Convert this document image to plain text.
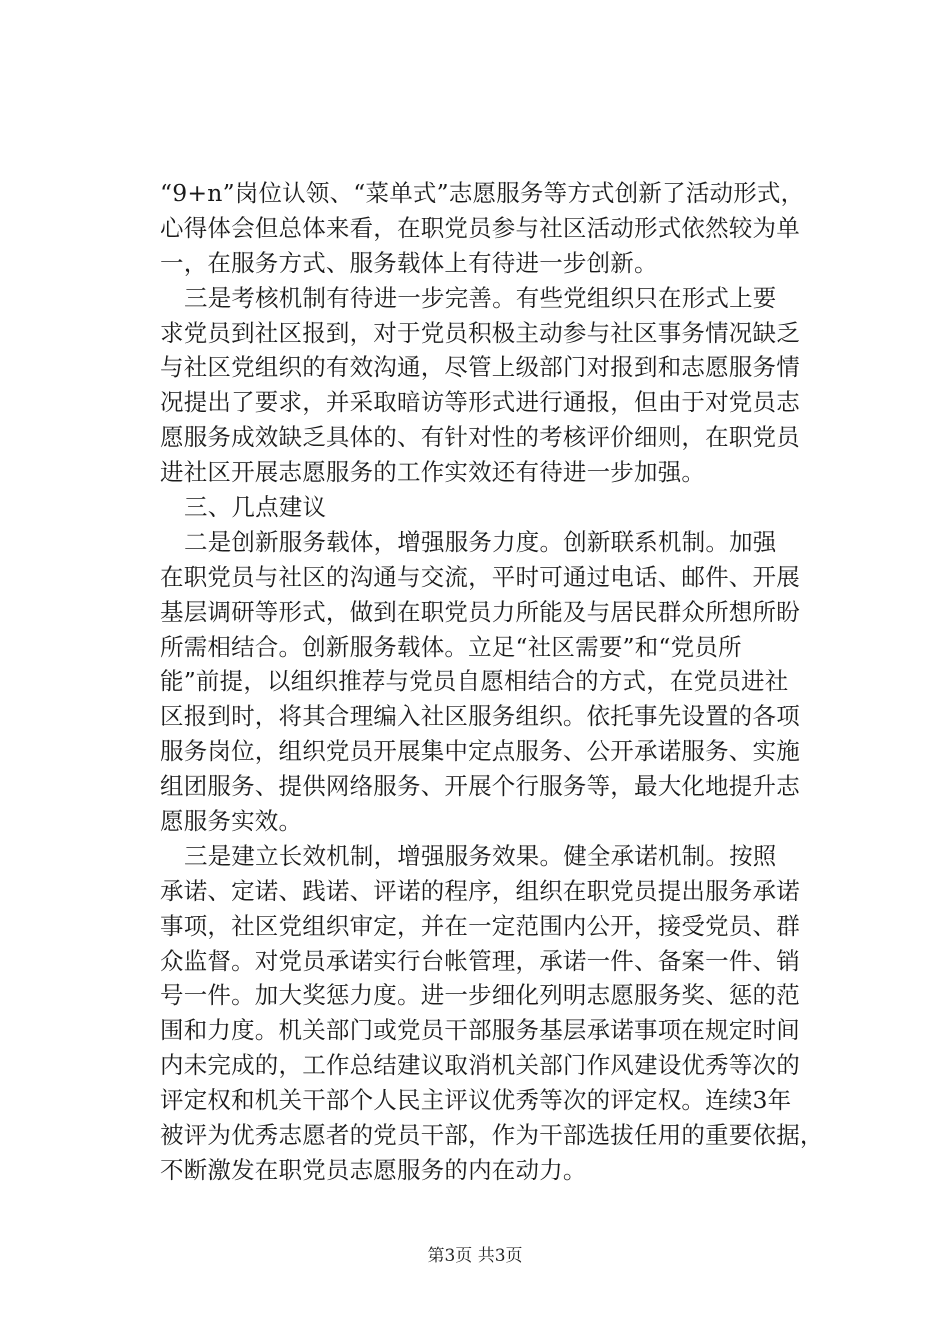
“9+n”岗位认领、“菜单式”志愿服务等方式创新了活动形式，
心得体会但总体来看，在职党员参与社区活动形式依然较为单
一，在服务方式、服务载体上有待进一步创新。
三是考核机制有待进一步完善。有些党组织只在形式上要
求党员到社区报到，对于党员积极主动参与社区事务情况缺乏
与社区党组织的有效沟通，尽管上级部门对报到和志愿服务情
况提出了要求，并采取暗访等形式进行通报，但由于对党员志
愿服务成效缺乏具体的、有针对性的考核评价细则，在职党员
进社区开展志愿服务的工作实效还有待进一步加强。
三、几点建议
二是创新服务载体，增强服务力度。创新联系机制。加强
在职党员与社区的沟通与交流，平时可通过电话、邮件、开展
基层调研等形式，做到在职党员力所能及与居民群众所想所盼
所需相结合。创新服务载体。立足“社区需要”和“党员所
能”前提，以组织推荐与党员自愿相结合的方式，在党员进社
区报到时，将其合理编入社区服务组织。依托事先设置的各项
服务岗位，组织党员开展集中定点服务、公开承诺服务、实施
组团服务、提供网络服务、开展个行服务等，最大化地提升志
愿服务实效。
三是建立长效机制，增强服务效果。健全承诺机制。按照
承诺、定诺、践诺、评诺的程序，组织在职党员提出服务承诺
事项，社区党组织审定，并在一定范围内公开，接受党员、群
众监督。对党员承诺实行台帐管理，承诺一件、备案一件、销
号一件。加大奖惩力度。进一步细化列明志愿服务奖、惩的范
围和力度。机关部门或党员干部服务基层承诺事项在规定时间
内未完成的，工作总结建议取消机关部门作风建设优秀等次的
评定权和机关干部个人民主评议优秀等次的评定权。连续3年
被评为优秀志愿者的党员干部，作为干部选拔任用的重要依据，
不断激发在职党员志愿服务的内在动力。
第3页 共3页
